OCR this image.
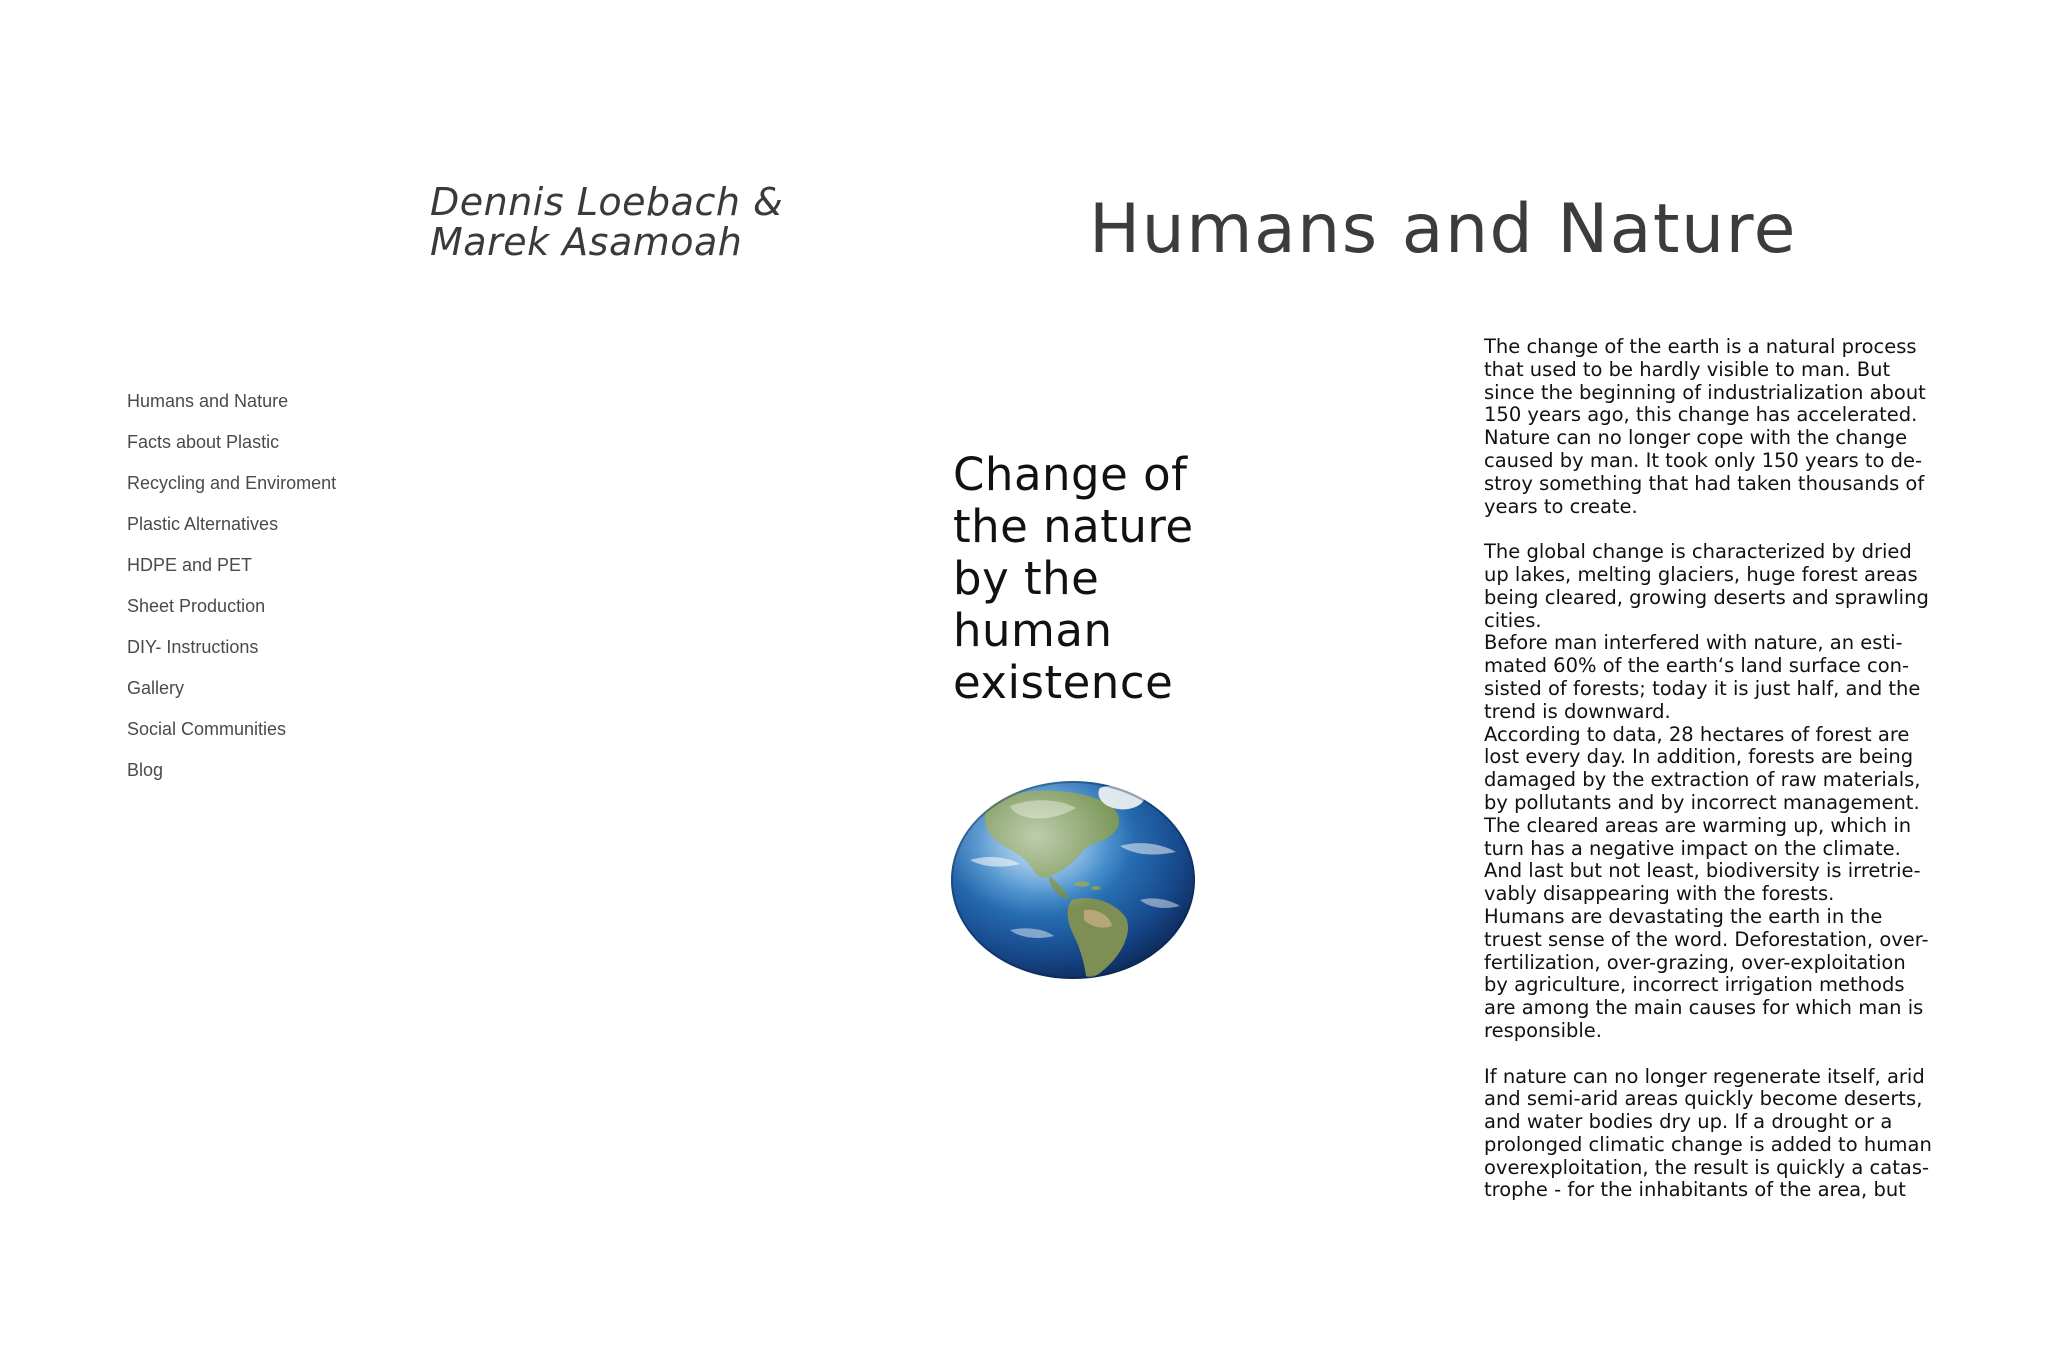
Dennis Loebach &
Marek Asamoah	Humans and Nature
Humans and Nature
Facts about Plastic
Recycling and Enviroment
Plastic Alternatives
HDPE and PET
Sheet Production
DIY- Instructions
Gallery
Social Communities
Blog
Change of
the nature
by the
human
existence

The change of the earth is a natural process
that used to be hardly visible to man. But
since the beginning of industrialization about
150 years ago, this change has accelerated.
Nature can no longer cope with the change
caused by man. It took only 150 years to de-
stroy something that had taken thousands of
years to create.

The global change is characterized by dried
up lakes, melting glaciers, huge forest areas
being cleared, growing deserts and sprawling
cities.

Before man interfered with nature, an esti-
mated 60% of the earth‘s land surface con-
sisted of forests; today it is just half, and the
trend is downward.

According to data, 28 hectares of forest are
lost every day. In addition, forests are being
damaged by the extraction of raw materials,
by pollutants and by incorrect management.
The cleared areas are warming up, which in
turn has a negative impact on the climate.
And last but not least, biodiversity is irretrie-
vably disappearing with the forests.

Humans are devastating the earth in the
truest sense of the word. Deforestation, over-
fertilization, over-grazing, over-exploitation
by agriculture, incorrect irrigation methods
are among the main causes for which man is
responsible.

If nature can no longer regenerate itself, arid
and semi-arid areas quickly become deserts,
and water bodies dry up. If a drought or a
prolonged climatic change is added to human
overexploitation, the result is quickly a catas-
trophe - for the inhabitants of the area, but
